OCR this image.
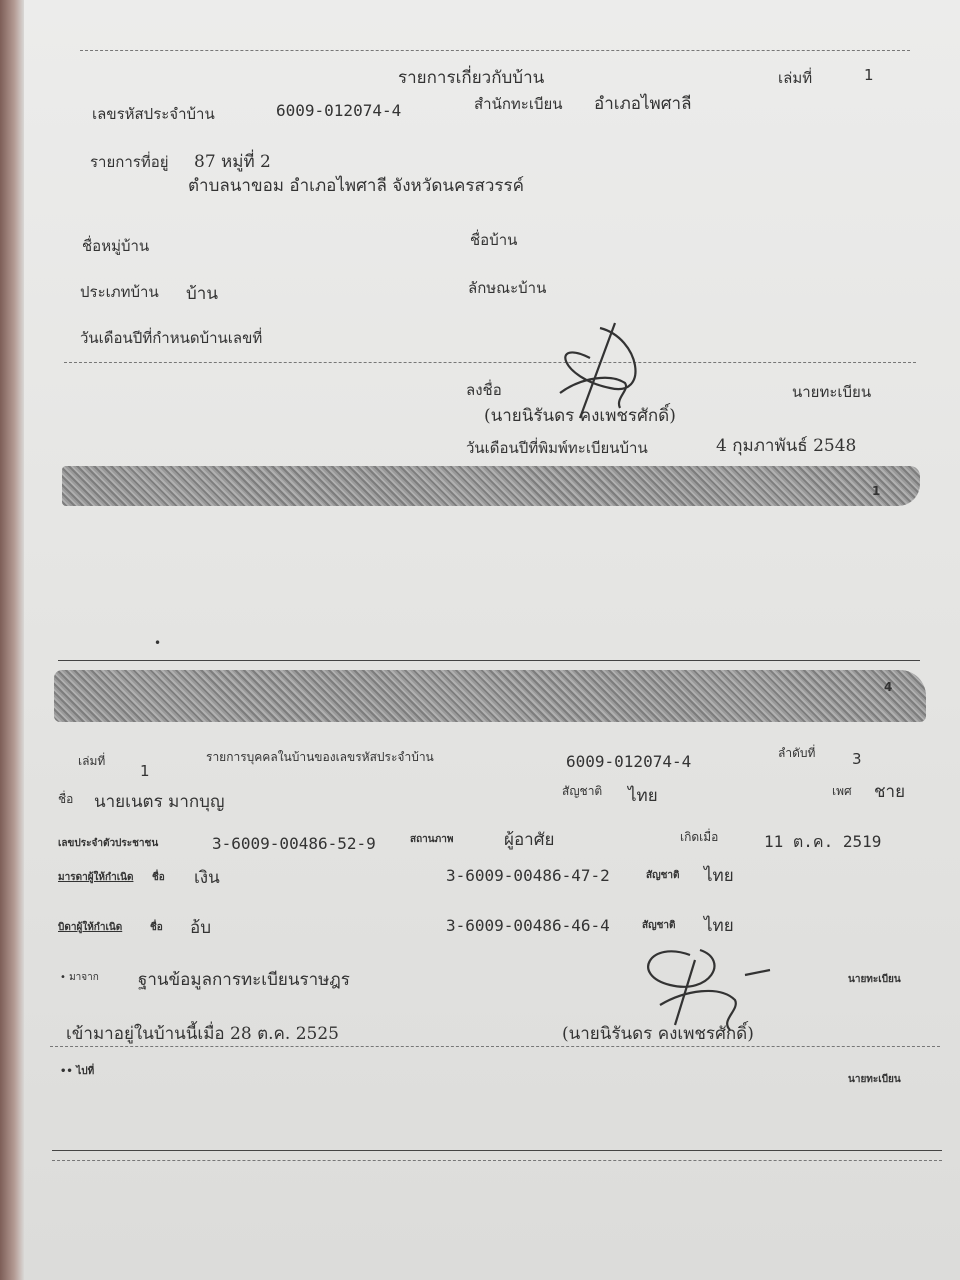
รายการเกี่ยวกับบ้าน	เล่มที่	1
เลขรหัสประจำบ้าน	6009-012074-4	สำนักทะเบียน อำเภอไพศาลี
รายการที่อยู่ 87 หมู่ที่ 2
ตำบลนาขอม อำเภอไพศาลี จังหวัดนครสวรรค์
ชื่อหมู่บ้าน	ชื่อบ้าน
ประเภทบ้าน บ้าน	ลักษณะบ้าน
วันเดือนปีที่กำหนดบ้านเลขที่
ลงชื่อ	นายทะเบียน
(นายนิรันดร คงเพชรศักดิ์)
วันเดือนปีที่พิมพ์ทะเบียนบ้าน	4 กุมภาพันธ์ 2548
1
•
4
เล่มที่
1
รายการบุคคลในบ้านของเลขรหัสประจำบ้าน	6009-012074-4	ลำดับที่ 3
ชื่อ นายเนตร มากบุญ
สัญชาติ ไทย	เพศ ชาย
เลขประจำตัวประชาชน	3-6009-00486-52-9	สถานภาพ	ผู้อาศัย	เกิดเมื่อ	11 ต.ค. 2519
มารดาผู้ให้กำเนิด ชื่อ เงิน	3-6009-00486-47-2	สัญชาติ ไทย
บิดาผู้ให้กำเนิด	ชื่อ อ้บ	3-6009-00486-46-4	สัญชาติ ไทย
• มาจาก ฐานข้อมูลการทะเบียนราษฎร	นายทะเบียน
เข้ามาอยู่ในบ้านนี้เมื่อ 28 ต.ค. 2525	(นายนิรันดร คงเพชรศักดิ์)
•• ไปที่
นายทะเบียน
